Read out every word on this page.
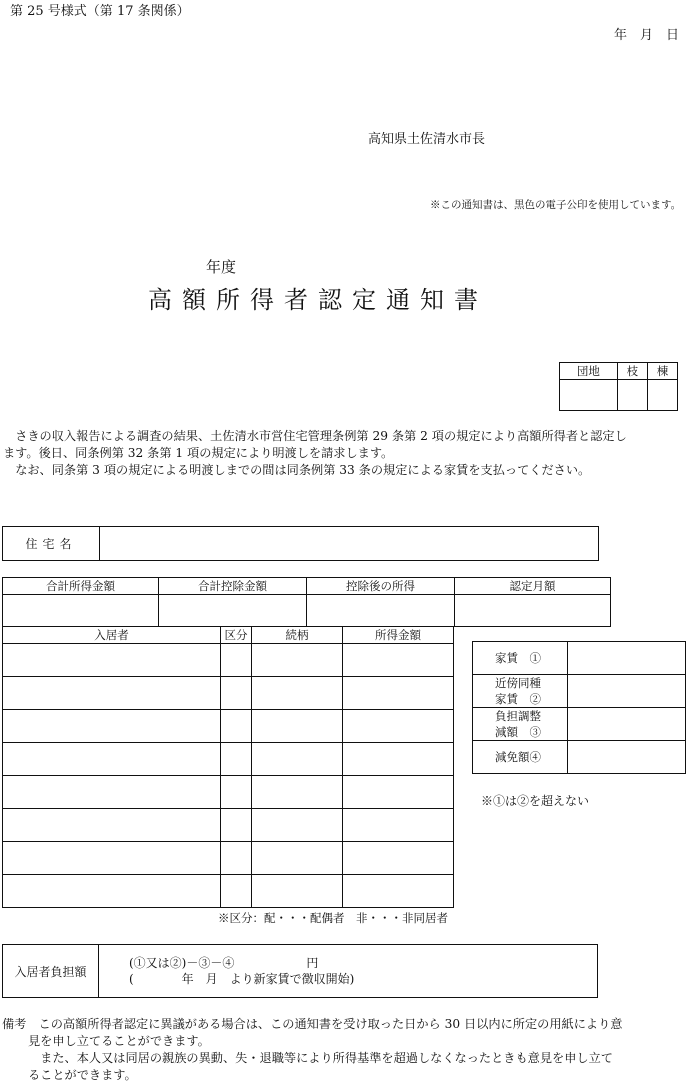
第 25 号様式（第 17 条関係）
年　月　日
高知県土佐清水市長
※この通知書は、黒色の電子公印を使用しています。
年度
高額所得者認定通知書
団地	枝	棟

　さきの収入報告による調査の結果、土佐清水市営住宅管理条例第 29 条第 2 項の規定により高額所得者と認定し

ます。後日、同条例第 32 条第 1 項の規定により明渡しを請求します。

　なお、同条第 3 項の規定による明渡しまでの間は同条例第 33 条の規定による家賃を支払ってください。

住宅名	
合計所得金額	合計控除金額	控除後の所得	認定月額

入居者	区分	続柄	所得金額

家賃　①	
近傍同種
家賃　②	
負担調整
減額　③	
減免額④	
※①は②を超えない
※区分：配・・・配偶者　非・・・非同居者
入居者負担額	(①又は②)－③－④　　　　　　円
(　　　　年　月　より新家賃で徴収開始)

備考　この高額所得者認定に異議がある場合は、この通知書を受け取った日から 30 日以内に所定の用紙により意

見を申し立てることができます。

　また、本人又は同居の親族の異動、失・退職等により所得基準を超過しなくなったときも意見を申し立て

ることができます。
